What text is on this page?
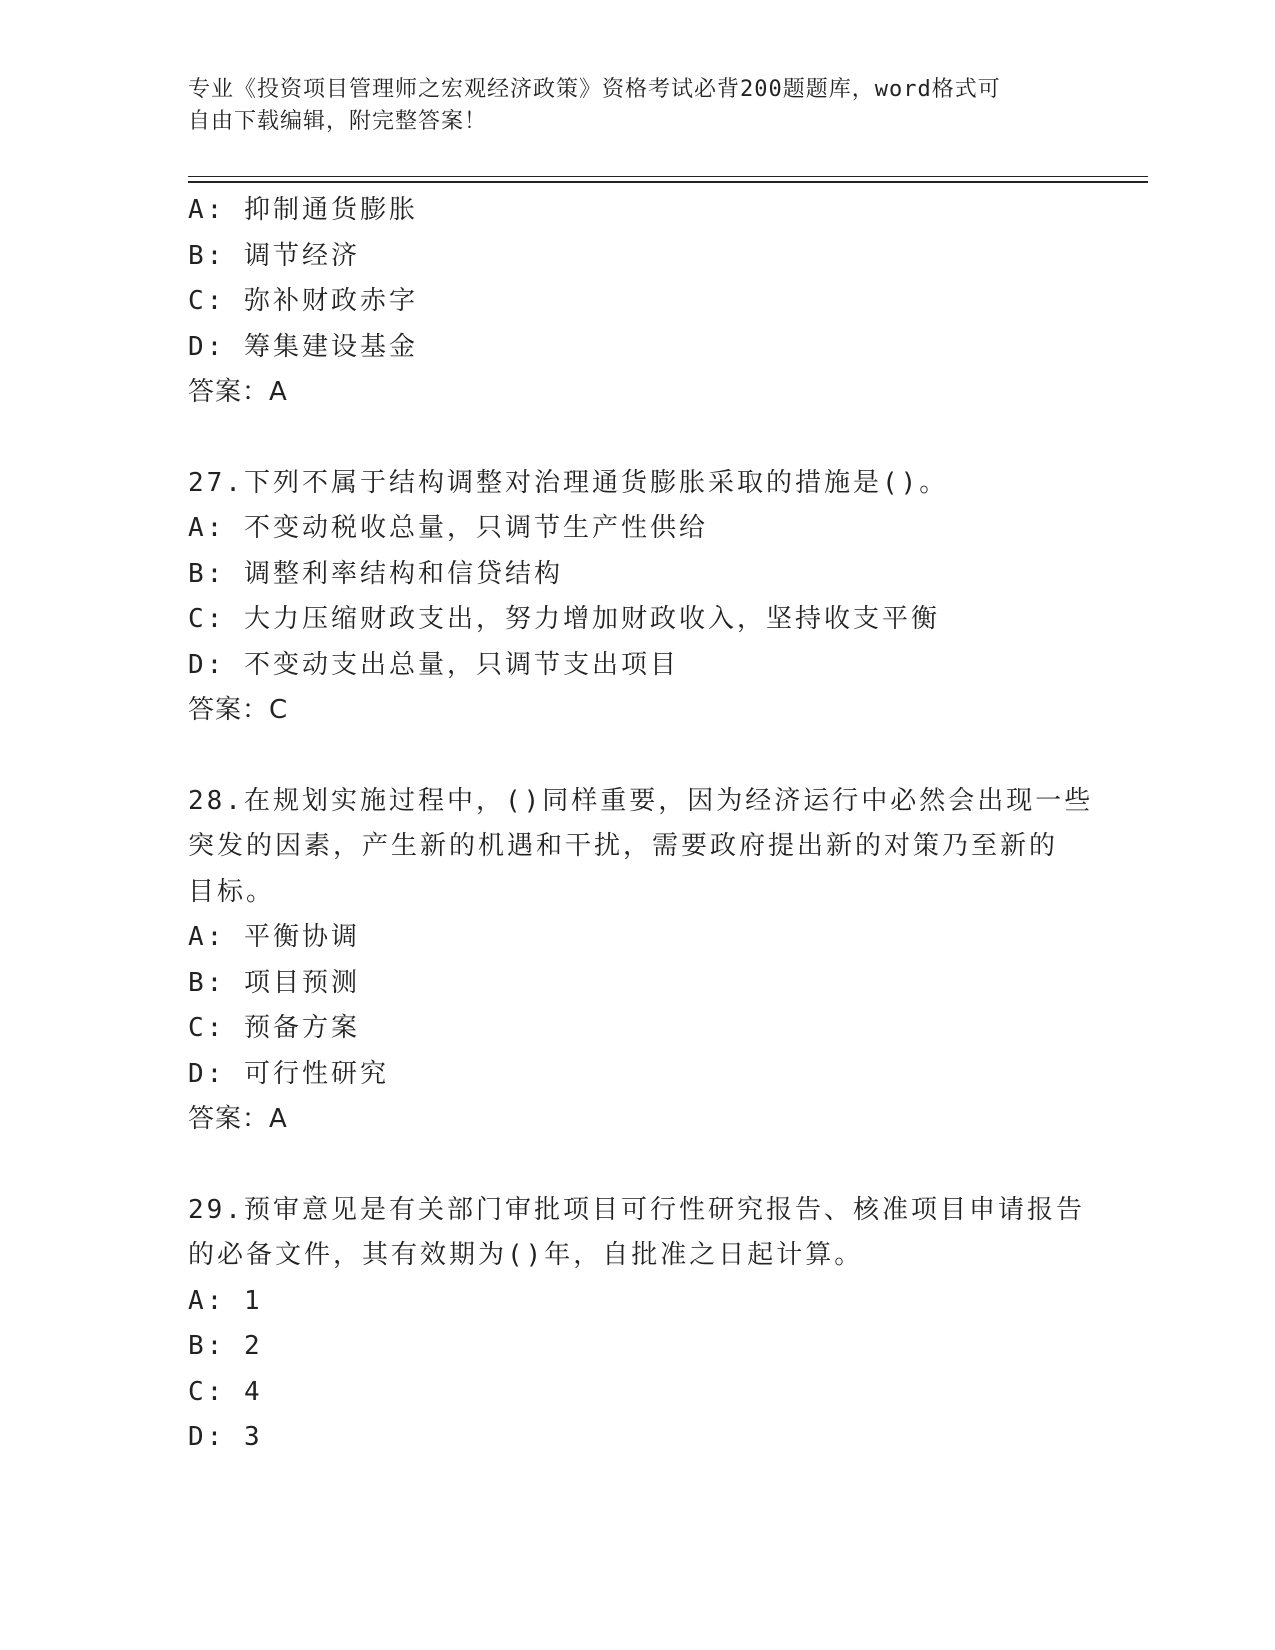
专业《投资项目管理师之宏观经济政策》资格考试必背200题题库，word格式可
自由下载编辑，附完整答案！
A: 抑制通货膨胀
B: 调节经济
C: 弥补财政赤字
D: 筹集建设基金
答案：A
27.下列不属于结构调整对治理通货膨胀采取的措施是()。
A: 不变动税收总量，只调节生产性供给
B: 调整利率结构和信贷结构
C: 大力压缩财政支出，努力增加财政收入，坚持收支平衡
D: 不变动支出总量，只调节支出项目
答案：C
28.在规划实施过程中，()同样重要，因为经济运行中必然会出现一些
突发的因素，产生新的机遇和干扰，需要政府提出新的对策乃至新的
目标。
A: 平衡协调
B: 项目预测
C: 预备方案
D: 可行性研究
答案：A
29.预审意见是有关部门审批项目可行性研究报告、核准项目申请报告
的必备文件，其有效期为()年，自批准之日起计算。
A: 1
B: 2
C: 4
D: 3
